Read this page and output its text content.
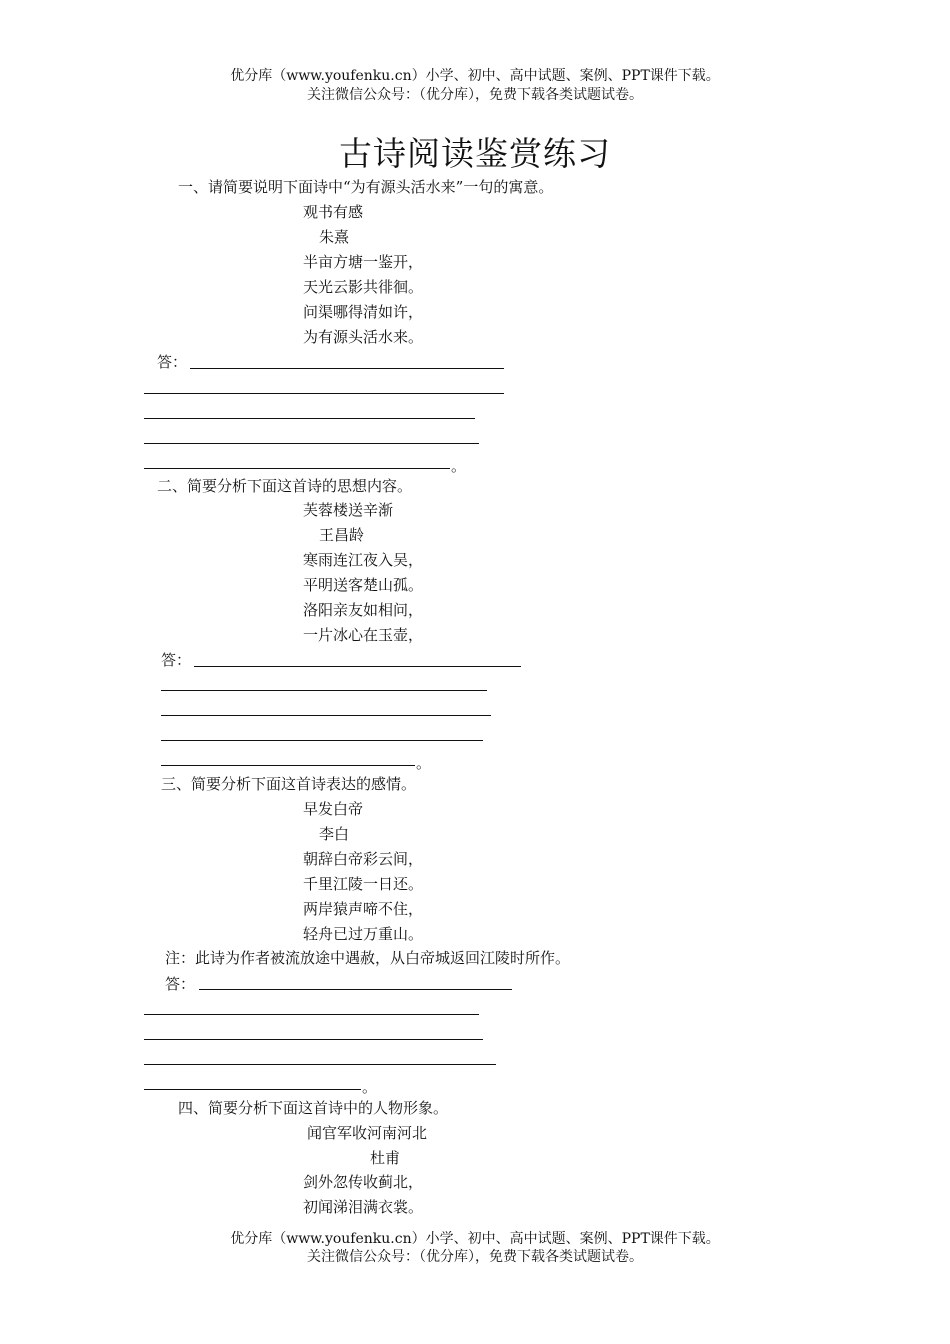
优分库（www.youfenku.cn）小学、初中、高中试题、案例、PPT课件下载。
关注微信公众号：（优分库），免费下载各类试题试卷。
古诗阅读鉴赏练习
一、请简要说明下面诗中“为有源头活水来”一句的寓意。
观书有感
朱熹
半亩方塘一鉴开，
天光云影共徘徊。
问渠哪得清如许，
为有源头活水来。
答：
。
二、简要分析下面这首诗的思想内容。
芙蓉楼送辛渐
王昌龄
寒雨连江夜入吴，
平明送客楚山孤。
洛阳亲友如相问，
一片冰心在玉壶，
答：
。
三、简要分析下面这首诗表达的感情。
早发白帝
李白
朝辞白帝彩云间，
千里江陵一日还。
两岸猿声啼不住，
轻舟已过万重山。
注：此诗为作者被流放途中遇赦，从白帝城返回江陵时所作。
答：
。
四、简要分析下面这首诗中的人物形象。
闻官军收河南河北
杜甫
剑外忽传收蓟北，
初闻涕泪满衣裳。
优分库（www.youfenku.cn）小学、初中、高中试题、案例、PPT课件下载。
关注微信公众号：（优分库），免费下载各类试题试卷。
